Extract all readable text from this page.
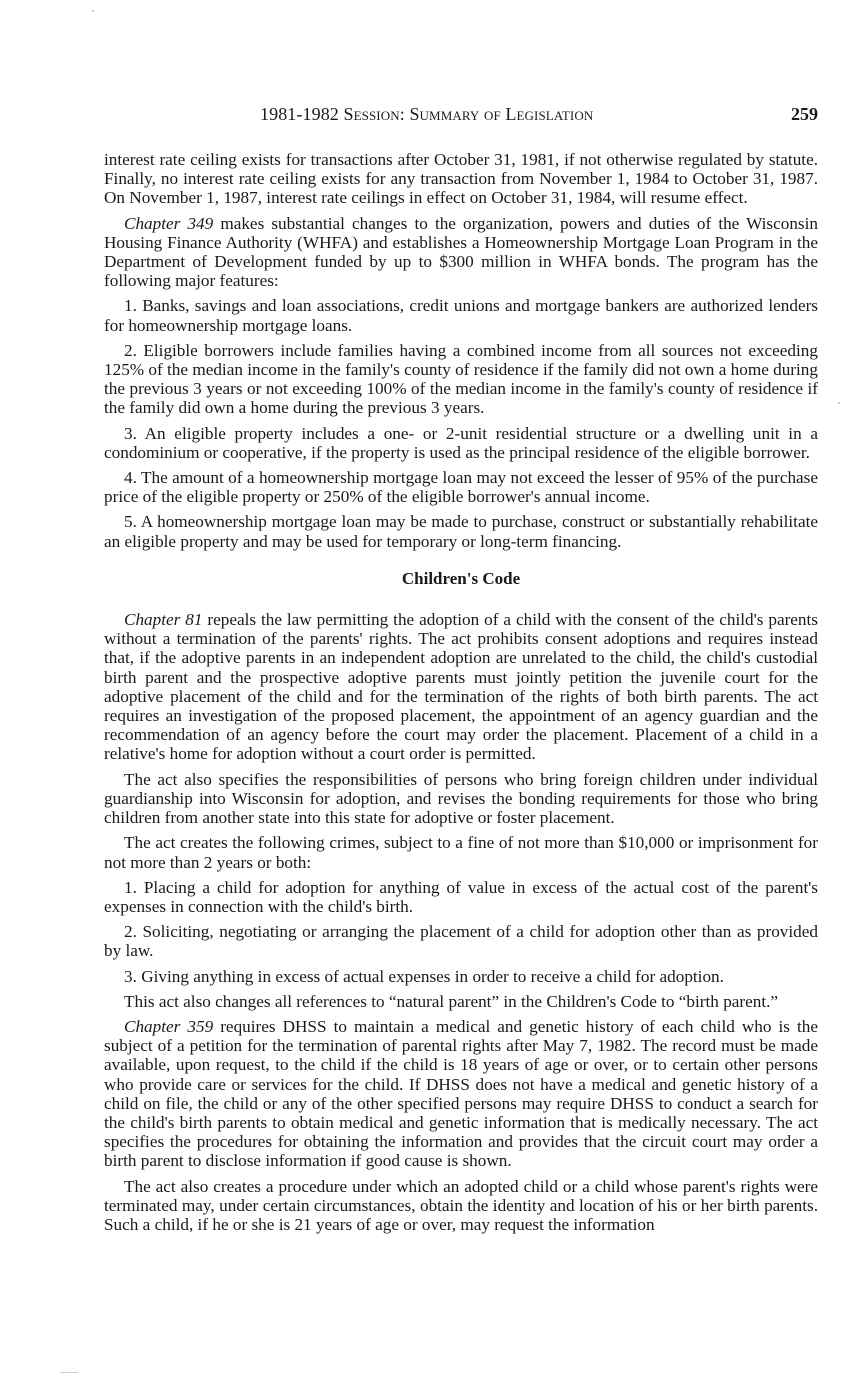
1981-1982 Session: Summary of Legislation	259

interest rate ceiling exists for transactions after October 31, 1981, if not otherwise regulated by statute. Finally, no interest rate ceiling exists for any transaction from November 1, 1984 to October 31, 1987. On November 1, 1987, interest rate ceilings in effect on October 31, 1984, will resume effect.

Chapter 349 makes substantial changes to the organization, powers and duties of the Wisconsin Housing Finance Authority (WHFA) and establishes a Homeownership Mortgage Loan Program in the Department of Development funded by up to $300 million in WHFA bonds. The program has the following major features:

1. Banks, savings and loan associations, credit unions and mortgage bankers are authorized lenders for homeownership mortgage loans.

2. Eligible borrowers include families having a combined income from all sources not exceeding 125% of the median income in the family's county of residence if the family did not own a home during the previous 3 years or not exceeding 100% of the median income in the family's county of residence if the family did own a home during the previous 3 years.

3. An eligible property includes a one- or 2-unit residential structure or a dwelling unit in a condominium or cooperative, if the property is used as the principal residence of the eligible borrower.

4. The amount of a homeownership mortgage loan may not exceed the lesser of 95% of the purchase price of the eligible property or 250% of the eligible borrower's annual income.

5. A homeownership mortgage loan may be made to purchase, construct or substantially rehabilitate an eligible property and may be used for temporary or long-term financing.

Children's Code

Chapter 81 repeals the law permitting the adoption of a child with the consent of the child's parents without a termination of the parents' rights. The act prohibits consent adoptions and requires instead that, if the adoptive parents in an independent adoption are unrelated to the child, the child's custodial birth parent and the prospective adoptive parents must jointly petition the juvenile court for the adoptive placement of the child and for the termination of the rights of both birth parents. The act requires an investigation of the proposed placement, the appointment of an agency guardian and the recommendation of an agency before the court may order the placement. Placement of a child in a relative's home for adoption without a court order is permitted.

The act also specifies the responsibilities of persons who bring foreign children under individual guardianship into Wisconsin for adoption, and revises the bonding requirements for those who bring children from another state into this state for adoptive or foster placement.

The act creates the following crimes, subject to a fine of not more than $10,000 or imprisonment for not more than 2 years or both:

1. Placing a child for adoption for anything of value in excess of the actual cost of the parent's expenses in connection with the child's birth.

2. Soliciting, negotiating or arranging the placement of a child for adoption other than as provided by law.

3. Giving anything in excess of actual expenses in order to receive a child for adoption.

This act also changes all references to “natural parent” in the Children's Code to “birth parent.”

Chapter 359 requires DHSS to maintain a medical and genetic history of each child who is the subject of a petition for the termination of parental rights after May 7, 1982. The record must be made available, upon request, to the child if the child is 18 years of age or over, or to certain other persons who provide care or services for the child. If DHSS does not have a medical and genetic history of a child on file, the child or any of the other specified persons may require DHSS to conduct a search for the child's birth parents to obtain medical and genetic information that is medically necessary. The act specifies the procedures for obtaining the information and provides that the circuit court may order a birth parent to disclose information if good cause is shown.

The act also creates a procedure under which an adopted child or a child whose parent's rights were terminated may, under certain circumstances, obtain the identity and location of his or her birth parents. Such a child, if he or she is 21 years of age or over, may request the information
